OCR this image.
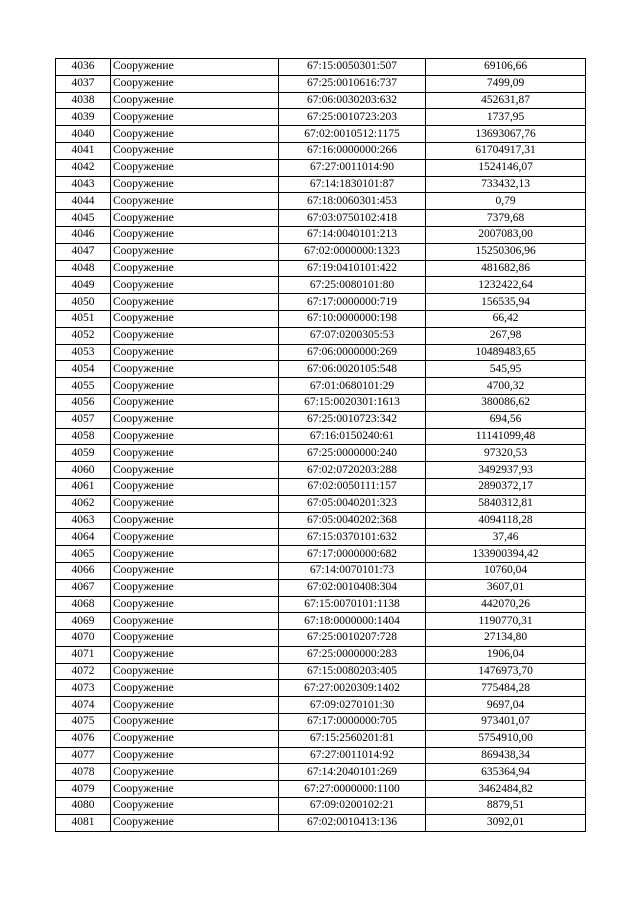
4036	Сооружение	67:15:0050301:507	69106,66
4037	Сооружение	67:25:0010616:737	7499,09
4038	Сооружение	67:06:0030203:632	452631,87
4039	Сооружение	67:25:0010723:203	1737,95
4040	Сооружение	67:02:0010512:1175	13693067,76
4041	Сооружение	67:16:0000000:266	61704917,31
4042	Сооружение	67:27:0011014:90	1524146,07
4043	Сооружение	67:14:1830101:87	733432,13
4044	Сооружение	67:18:0060301:453	0,79
4045	Сооружение	67:03:0750102:418	7379,68
4046	Сооружение	67:14:0040101:213	2007083,00
4047	Сооружение	67:02:0000000:1323	15250306,96
4048	Сооружение	67:19:0410101:422	481682,86
4049	Сооружение	67:25:0080101:80	1232422,64
4050	Сооружение	67:17:0000000:719	156535,94
4051	Сооружение	67:10:0000000:198	66,42
4052	Сооружение	67:07:0200305:53	267,98
4053	Сооружение	67:06:0000000:269	10489483,65
4054	Сооружение	67:06:0020105:548	545,95
4055	Сооружение	67:01:0680101:29	4700,32
4056	Сооружение	67:15:0020301:1613	380086,62
4057	Сооружение	67:25:0010723:342	694,56
4058	Сооружение	67:16:0150240:61	11141099,48
4059	Сооружение	67:25:0000000:240	97320,53
4060	Сооружение	67:02:0720203:288	3492937,93
4061	Сооружение	67:02:0050111:157	2890372,17
4062	Сооружение	67:05:0040201:323	5840312,81
4063	Сооружение	67:05:0040202:368	4094118,28
4064	Сооружение	67:15:0370101:632	37,46
4065	Сооружение	67:17:0000000:682	133900394,42
4066	Сооружение	67:14:0070101:73	10760,04
4067	Сооружение	67:02:0010408:304	3607,01
4068	Сооружение	67:15:0070101:1138	442070,26
4069	Сооружение	67:18:0000000:1404	1190770,31
4070	Сооружение	67:25:0010207:728	27134,80
4071	Сооружение	67:25:0000000:283	1906,04
4072	Сооружение	67:15:0080203:405	1476973,70
4073	Сооружение	67:27:0020309:1402	775484,28
4074	Сооружение	67:09:0270101:30	9697,04
4075	Сооружение	67:17:0000000:705	973401,07
4076	Сооружение	67:15:2560201:81	5754910,00
4077	Сооружение	67:27:0011014:92	869438,34
4078	Сооружение	67:14:2040101:269	635364,94
4079	Сооружение	67:27:0000000:1100	3462484,82
4080	Сооружение	67:09:0200102:21	8879,51
4081	Сооружение	67:02:0010413:136	3092,01
